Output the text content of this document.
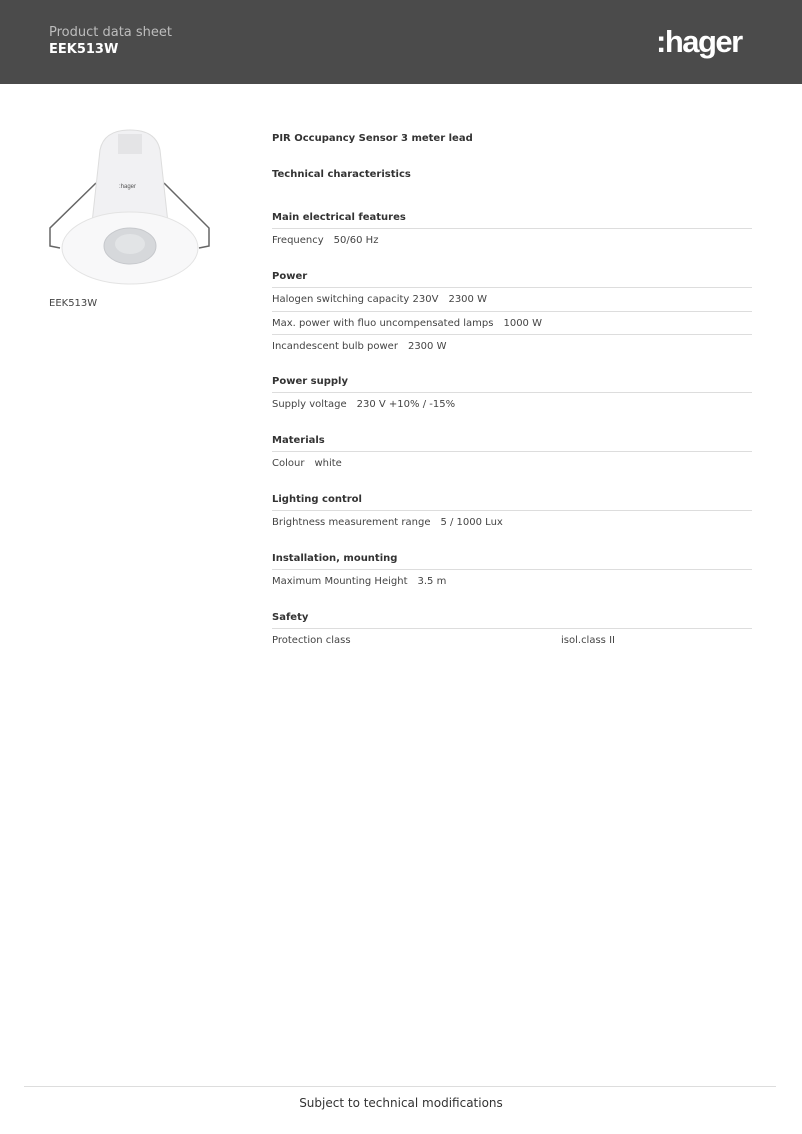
Product data sheet
EEK513W	:hager
:hager
EEK513W
PIR Occupancy Sensor 3 meter lead
Technical characteristics
Main electrical features
Frequency 50/60 Hz
Power
Halogen switching capacity 230V 2300 W
Max. power with fluo uncompensated lamps 1000 W
Incandescent bulb power 2300 W
Power supply
Supply voltage 230 V +10% / -15%
Materials
Colour white
Lighting control
Brightness measurement range 5 / 1000 Lux
Installation, mounting
Maximum Mounting Height 3.5 m
Safety
Protection class	isol.class II
Subject to technical modifications
